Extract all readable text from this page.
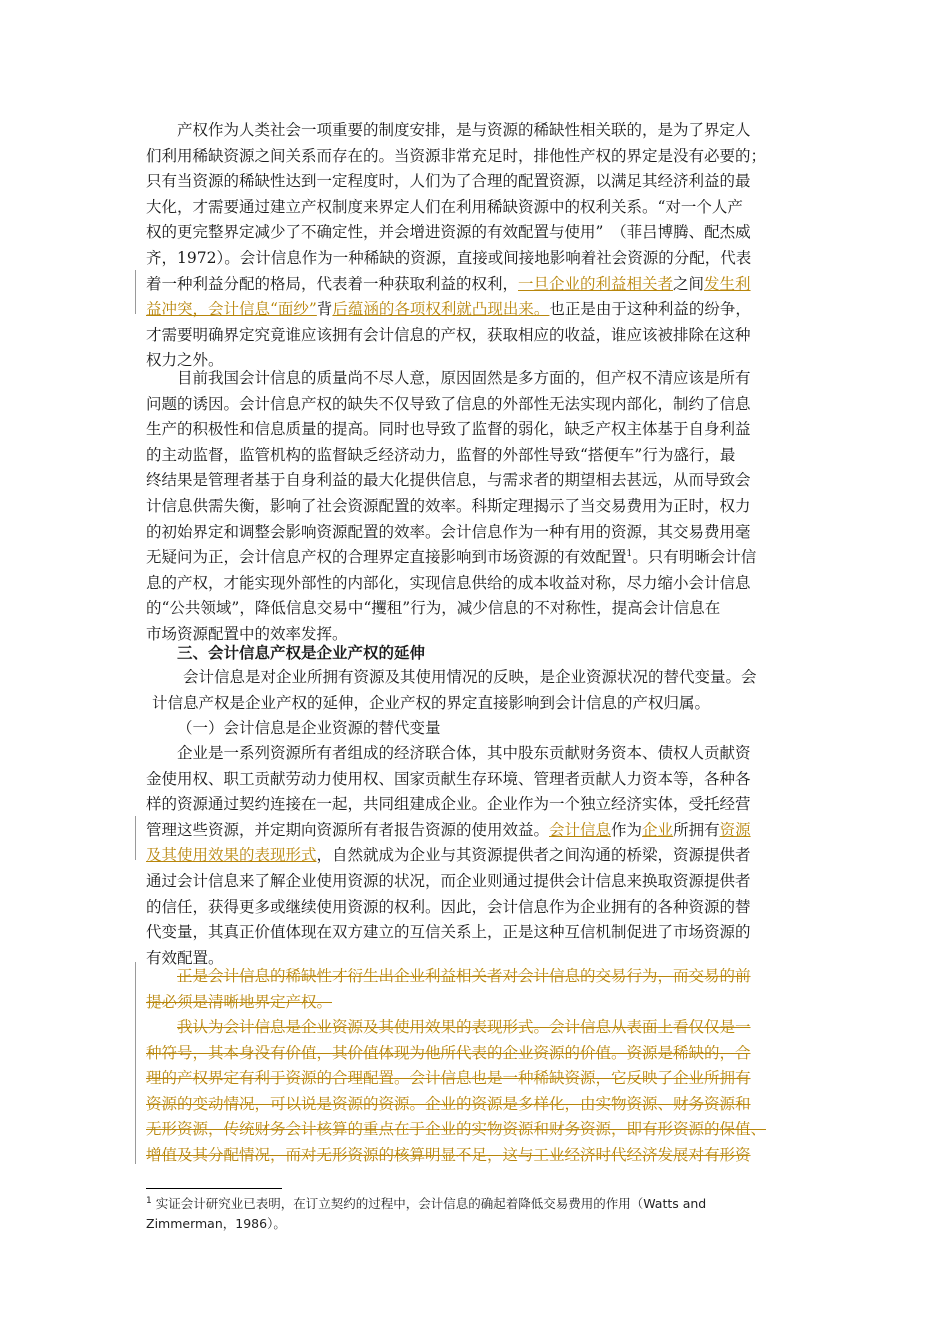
产权作为人类社会一项重要的制度安排，是与资源的稀缺性相关联的，是为了界定人
们利用稀缺资源之间关系而存在的。当资源非常充足时，排他性产权的界定是没有必要的；
只有当资源的稀缺性达到一定程度时，人们为了合理的配置资源，以满足其经济利益的最
大化，才需要通过建立产权制度来界定人们在利用稀缺资源中的权利关系。“对一个人产
权的更完整界定减少了不确定性，并会增进资源的有效配置与使用”　（菲吕博腾、配杰威
齐，1972）。会计信息作为一种稀缺的资源，直接或间接地影响着社会资源的分配，代表
着一种利益分配的格局，代表着一种获取利益的权利，一旦企业的利益相关者之间发生利
益冲突，会计信息“面纱”背后蕴涵的各项权利就凸现出来。也正是由于这种利益的纷争，
才需要明确界定究竟谁应该拥有会计信息的产权，获取相应的收益，谁应该被排除在这种
权力之外。
目前我国会计信息的质量尚不尽人意，原因固然是多方面的，但产权不清应该是所有
问题的诱因。会计信息产权的缺失不仅导致了信息的外部性无法实现内部化，制约了信息
生产的积极性和信息质量的提高。同时也导致了监督的弱化，缺乏产权主体基于自身利益
的主动监督，监管机构的监督缺乏经济动力，监督的外部性导致“搭便车”行为盛行，最
终结果是管理者基于自身利益的最大化提供信息，与需求者的期望相去甚远，从而导致会
计信息供需失衡，影响了社会资源配置的效率。科斯定理揭示了当交易费用为正时，权力
的初始界定和调整会影响资源配置的效率。会计信息作为一种有用的资源，其交易费用毫
无疑问为正，会计信息产权的合理界定直接影响到市场资源的有效配置$^1$。只有明晰会计信
息的产权，才能实现外部性的内部化，实现信息供给的成本收益对称，尽力缩小会计信息
的“公共领域”，降低信息交易中“攫租”行为，减少信息的不对称性，提高会计信息在
市场资源配置中的效率发挥。
三、会计信息产权是企业产权的延伸
会计信息是对企业所拥有资源及其使用情况的反映，是企业资源状况的替代变量。会
计信息产权是企业产权的延伸，企业产权的界定直接影响到会计信息的产权归属。
（一）会计信息是企业资源的替代变量
企业是一系列资源所有者组成的经济联合体，其中股东贡献财务资本、债权人贡献资
金使用权、职工贡献劳动力使用权、国家贡献生存环境、管理者贡献人力资本等，各种各
样的资源通过契约连接在一起，共同组建成企业。企业作为一个独立经济实体，受托经营
管理这些资源，并定期向资源所有者报告资源的使用效益。会计信息作为企业所拥有资源
及其使用效果的表现形式，自然就成为企业与其资源提供者之间沟通的桥梁，资源提供者
通过会计信息来了解企业使用资源的状况，而企业则通过提供会计信息来换取资源提供者
的信任，获得更多或继续使用资源的权利。因此，会计信息作为企业拥有的各种资源的替
代变量，其真正价值体现在双方建立的互信关系上，正是这种互信机制促进了市场资源的
有效配置。
正是会计信息的稀缺性才衍生出企业利益相关者对会计信息的交易行为，而交易的前
提必须是清晰地界定产权。
我认为会计信息是企业资源及其使用效果的表现形式。会计信息从表面上看仅仅是一
种符号，其本身没有价值，其价值体现为他所代表的企业资源的价值。资源是稀缺的，合
理的产权界定有利于资源的合理配置。会计信息也是一种稀缺资源，它反映了企业所拥有
资源的变动情况，可以说是资源的资源。企业的资源是多样化，由实物资源、财务资源和
无形资源，传统财务会计核算的重点在于企业的实物资源和财务资源，即有形资源的保值、
增值及其分配情况，而对无形资源的核算明显不足，这与工业经济时代经济发展对有形资
$^1$ 实证会计研究业已表明，在订立契约的过程中，会计信息的确起着降低交易费用的作用（Watts and
Zimmerman，1986）。
